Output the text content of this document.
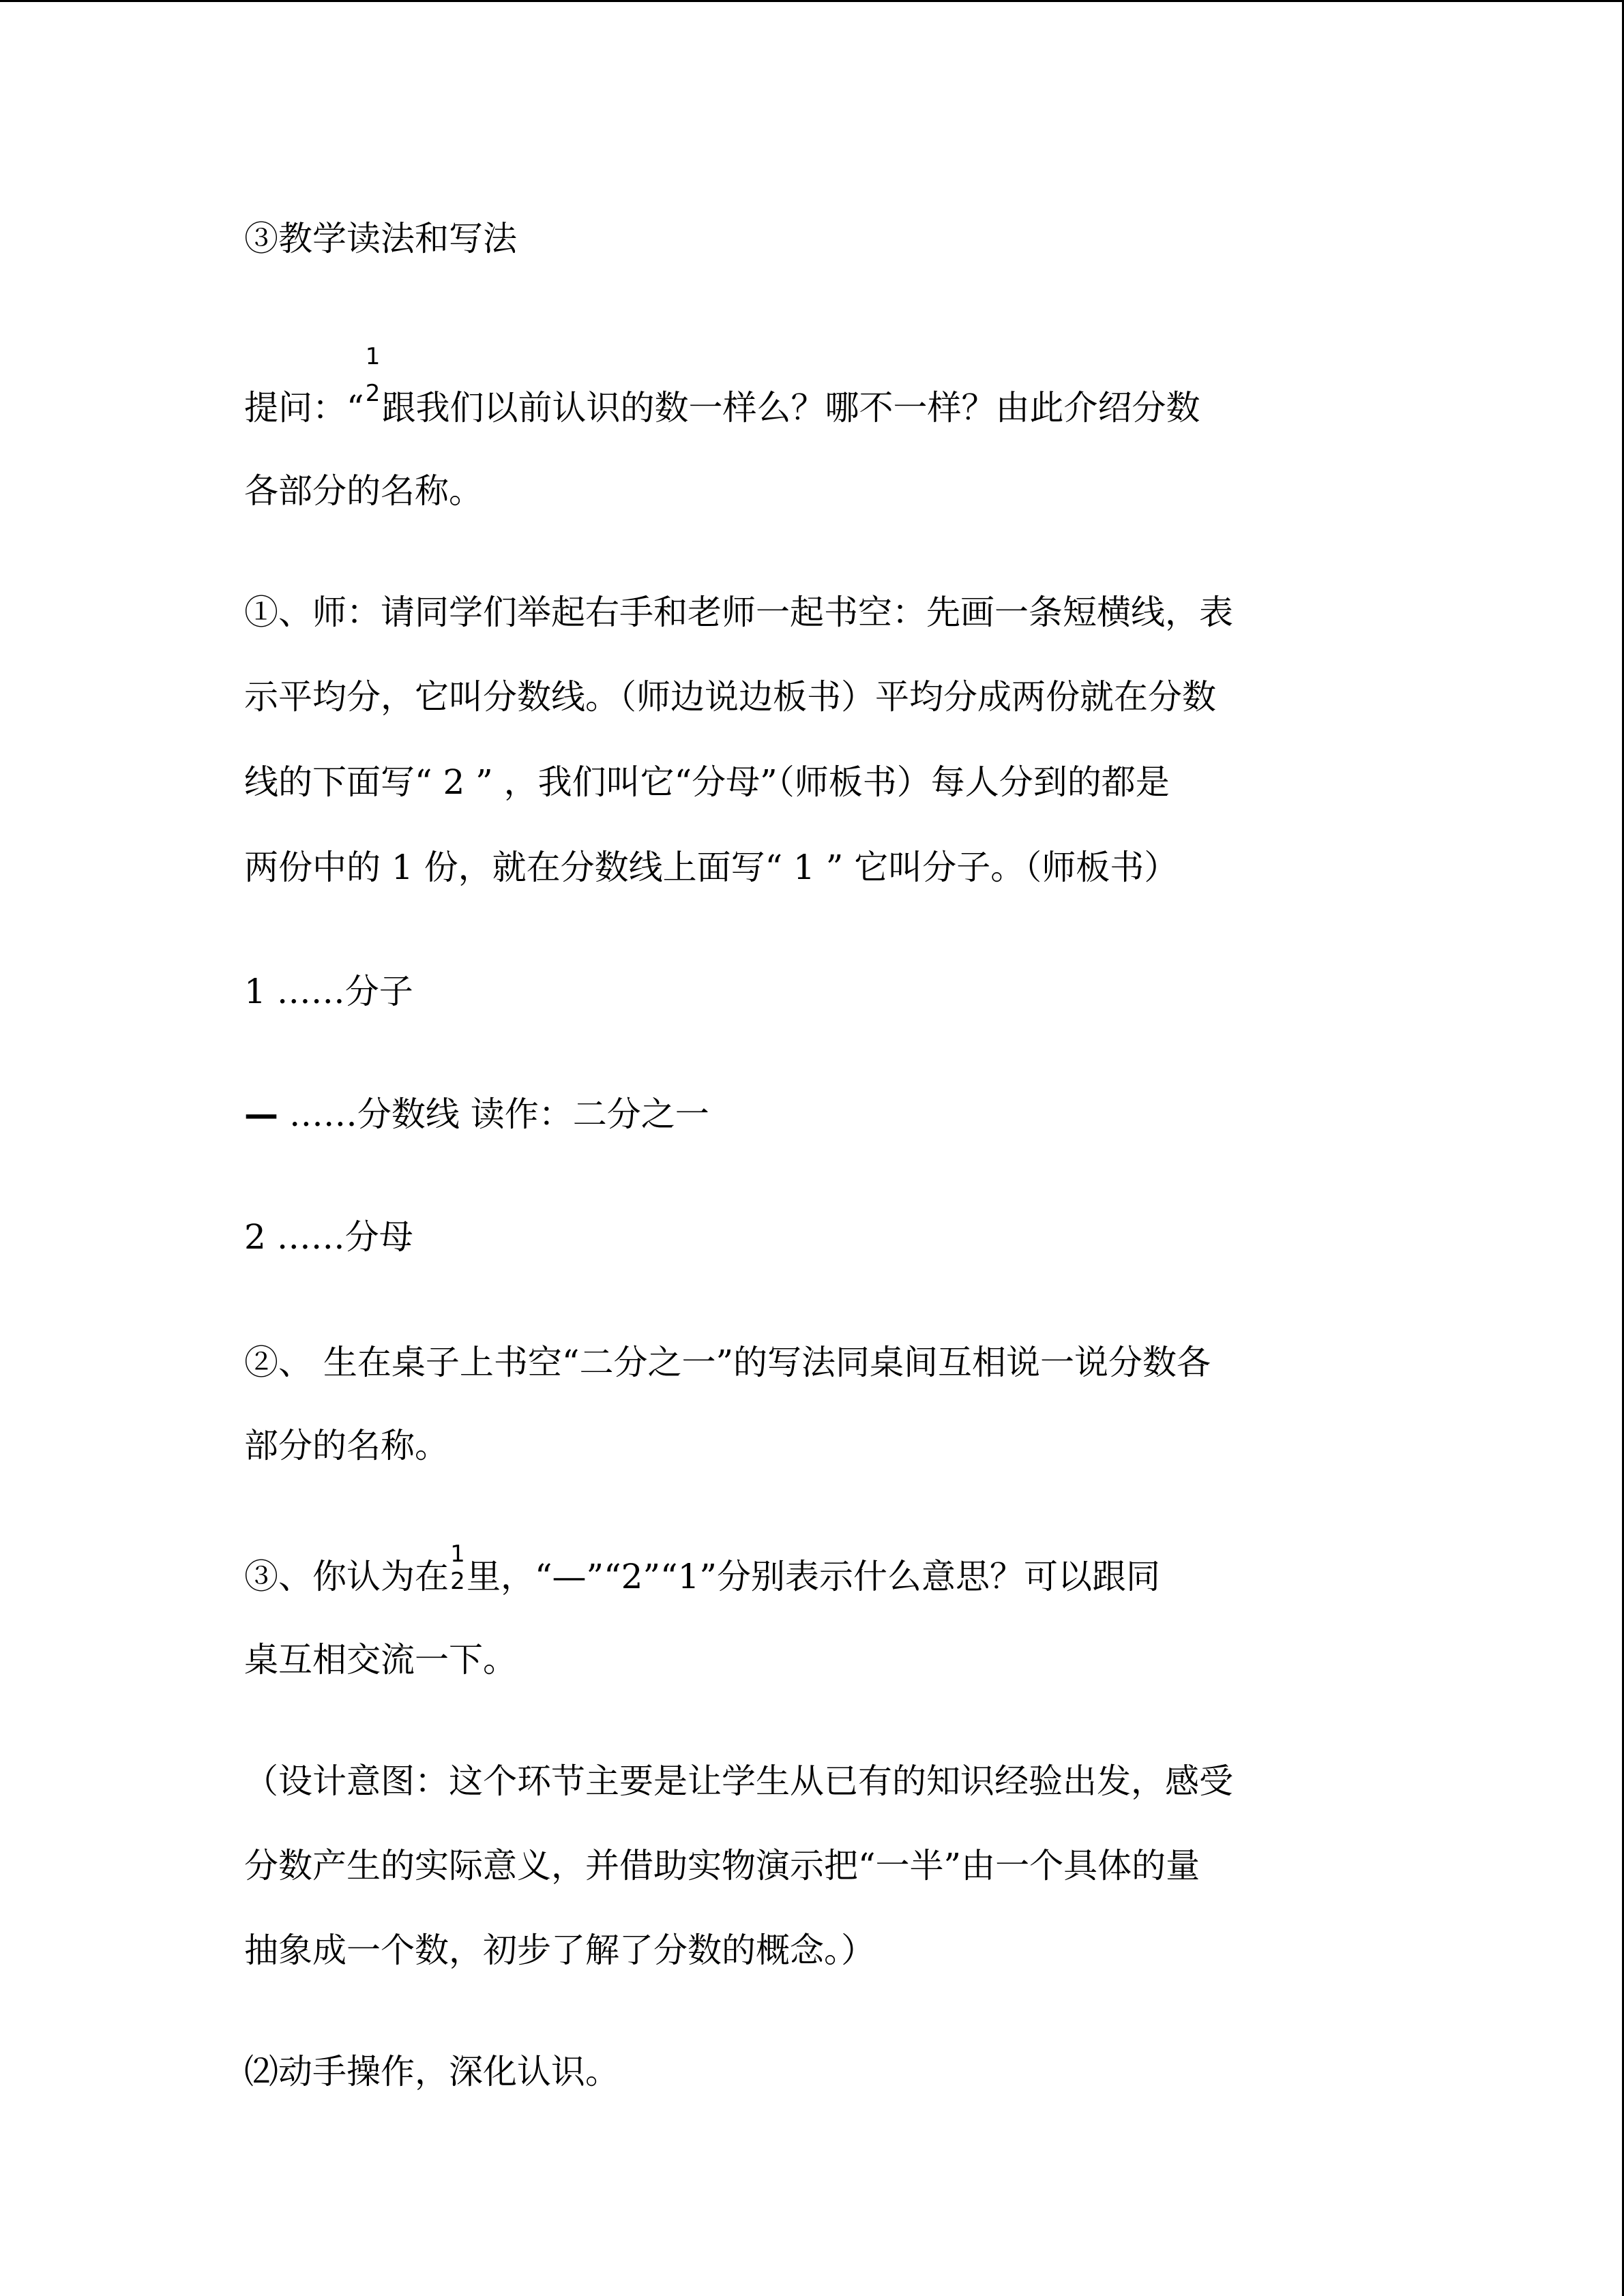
③教学读法和写法
提问：“
1
2 跟我们以前认识的数一样么？哪不一样？由此介绍分数
各部分的名称。
①、师：请同学们举起右手和老师一起书空：先画一条短横线，表
示平均分，它叫分数线。（师边说边板书）平均分成两份就在分数
线的下面写“ 2 ” ，我们叫它“分母”（师板书）每人分到的都是
两份中的 1 份，就在分数线上面写“ 1 ” 它叫分子。（师板书）
1 ……分子
— ……分数线 读作：二分之一
2 ……分母
②、 生在桌子上书空“二分之一”的写法同桌间互相说一说分数各
部分的名称。
③、你认为在
1
2 里，“—”“2”“1”分别表示什么意思？可以跟同
桌互相交流一下。
（设计意图：这个环节主要是让学生从已有的知识经验出发，感受
分数产生的实际意义，并借助实物演示把“一半”由一个具体的量
抽象成一个数，初步了解了分数的概念。）
⑵动手操作，深化认识。
